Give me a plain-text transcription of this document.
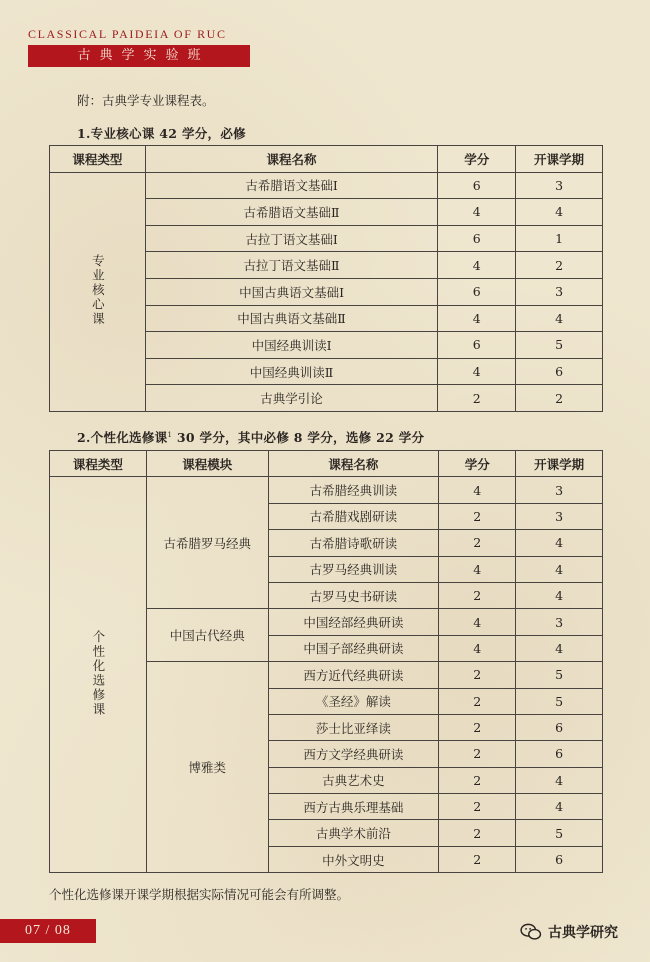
CLASSICAL PAIDEIA OF RUC
古典学实验班
附：古典学专业课程表。
1.专业核心课 42 学分，必修
课程类型	课程名称	学分	开课学期
专业核心课	古希腊语文基础Ⅰ	6	3
	古希腊语文基础Ⅱ	4	4
	古拉丁语文基础Ⅰ	6	1
	古拉丁语文基础Ⅱ	4	2
	中国古典语文基础Ⅰ	6	3
	中国古典语文基础Ⅱ	4	4
	中国经典训读Ⅰ	6	5
	中国经典训读Ⅱ	4	6
	古典学引论	2	2
2.个性化选修课$^1$ 30 学分，其中必修 8 学分，选修 22 学分
课程类型	课程模块	课程名称	学分	开课学期
个性化选修课	古希腊罗马经典	古希腊经典训读	4	3
		古希腊戏剧研读	2	3
		古希腊诗歌研读	2	4
		古罗马经典训读	4	4
		古罗马史书研读	2	4
	中国古代经典	中国经部经典研读	4	3
		中国子部经典研读	4	4
	博雅类	西方近代经典研读	2	5
		《圣经》解读	2	5
		莎士比亚绎读	2	6
		西方文学经典研读	2	6
		古典艺术史	2	4
		西方古典乐理基础	2	4
		古典学术前沿	2	5
		中外文明史	2	6
个性化选修课开课学期根据实际情况可能会有所调整。
07 / 08	古典学研究
